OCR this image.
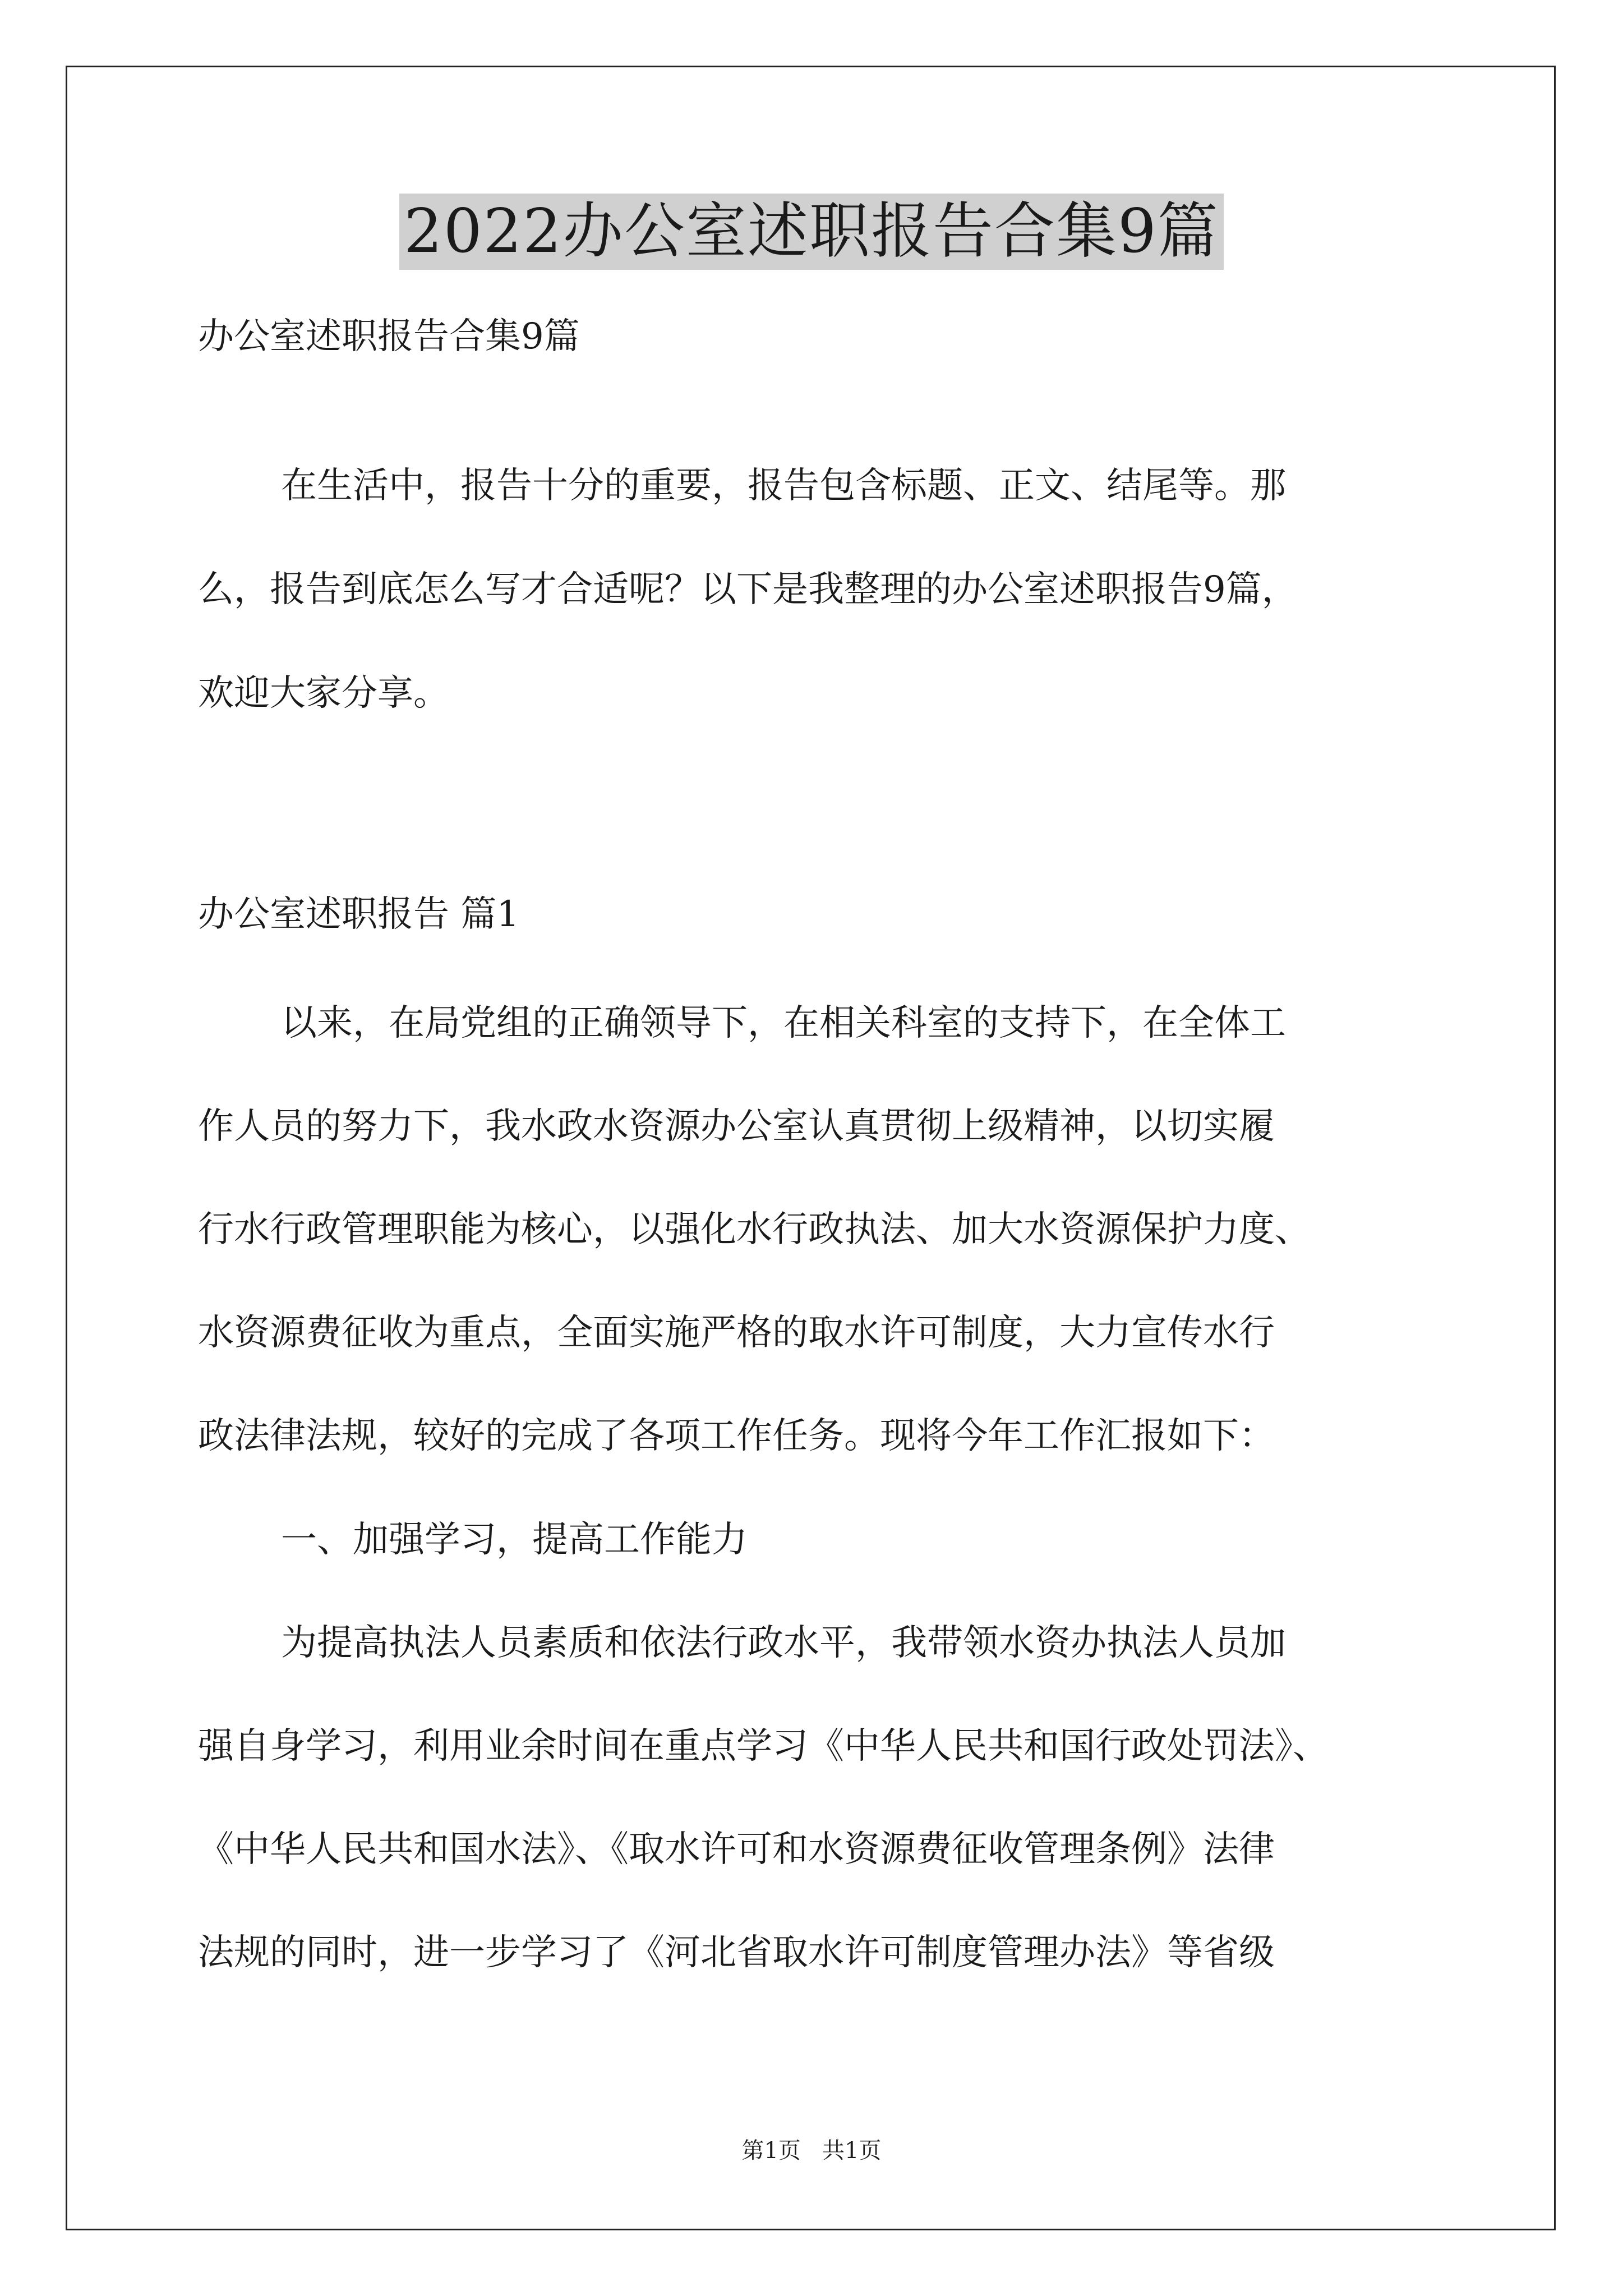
2022办公室述职报告合集9篇
办公室述职报告合集9篇
在生活中，报告十分的重要，报告包含标题、正文、结尾等。那
么，报告到底怎么写才合适呢？以下是我整理的办公室述职报告9篇，
欢迎大家分享。
办公室述职报告 篇1
以来，在局党组的正确领导下，在相关科室的支持下，在全体工
作人员的努力下，我水政水资源办公室认真贯彻上级精神，以切实履
行水行政管理职能为核心，以强化水行政执法、加大水资源保护力度、
水资源费征收为重点，全面实施严格的取水许可制度，大力宣传水行
政法律法规，较好的完成了各项工作任务。现将今年工作汇报如下：
一、加强学习，提高工作能力
为提高执法人员素质和依法行政水平，我带领水资办执法人员加
强自身学习，利用业余时间在重点学习《中华人民共和国行政处罚法》、
《中华人民共和国水法》、《取水许可和水资源费征收管理条例》法律
法规的同时，进一步学习了《河北省取水许可制度管理办法》等省级
第1页   共1页
